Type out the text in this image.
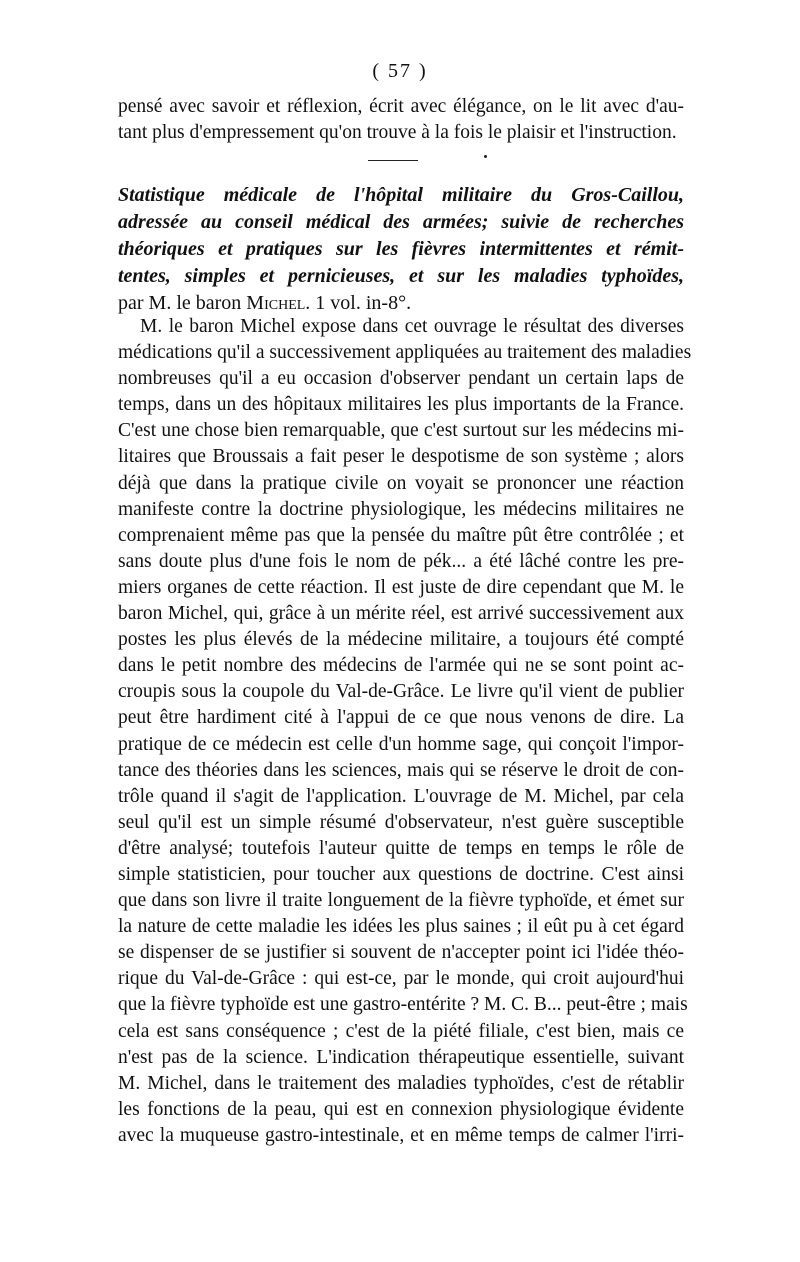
( 57 )
pensé avec savoir et réflexion, écrit avec élégance, on le lit avec d'au-
tant plus d'empressement qu'on trouve à la fois le plaisir et l'instruction.
Statistique médicale de l'hôpital militaire du Gros-Caillou,
adressée au conseil médical des armées; suivie de recherches
théoriques et pratiques sur les fièvres intermittentes et rémit-
tentes, simples et pernicieuses, et sur les maladies typhoïdes,
par M. le baron Michel. 1 vol. in-8°.
M. le baron Michel expose dans cet ouvrage le résultat des diverses
médications qu'il a successivement appliquées au traitement des maladies
nombreuses qu'il a eu occasion d'observer pendant un certain laps de
temps, dans un des hôpitaux militaires les plus importants de la France.
C'est une chose bien remarquable, que c'est surtout sur les médecins mi-
litaires que Broussais a fait peser le despotisme de son système ; alors
déjà que dans la pratique civile on voyait se prononcer une réaction
manifeste contre la doctrine physiologique, les médecins militaires ne
comprenaient même pas que la pensée du maître pût être contrôlée ; et
sans doute plus d'une fois le nom de pék... a été lâché contre les pre-
miers organes de cette réaction. Il est juste de dire cependant que M. le
baron Michel, qui, grâce à un mérite réel, est arrivé successivement aux
postes les plus élevés de la médecine militaire, a toujours été compté
dans le petit nombre des médecins de l'armée qui ne se sont point ac-
croupis sous la coupole du Val-de-Grâce. Le livre qu'il vient de publier
peut être hardiment cité à l'appui de ce que nous venons de dire. La
pratique de ce médecin est celle d'un homme sage, qui conçoit l'impor-
tance des théories dans les sciences, mais qui se réserve le droit de con-
trôle quand il s'agit de l'application. L'ouvrage de M. Michel, par cela
seul qu'il est un simple résumé d'observateur, n'est guère susceptible
d'être analysé; toutefois l'auteur quitte de temps en temps le rôle de
simple statisticien, pour toucher aux questions de doctrine. C'est ainsi
que dans son livre il traite longuement de la fièvre typhoïde, et émet sur
la nature de cette maladie les idées les plus saines ; il eût pu à cet égard
se dispenser de se justifier si souvent de n'accepter point ici l'idée théo-
rique du Val-de-Grâce : qui est-ce, par le monde, qui croit aujourd'hui
que la fièvre typhoïde est une gastro-entérite ? M. C. B... peut-être ; mais
cela est sans conséquence ; c'est de la piété filiale, c'est bien, mais ce
n'est pas de la science. L'indication thérapeutique essentielle, suivant
M. Michel, dans le traitement des maladies typhoïdes, c'est de rétablir
les fonctions de la peau, qui est en connexion physiologique évidente
avec la muqueuse gastro-intestinale, et en même temps de calmer l'irri-
